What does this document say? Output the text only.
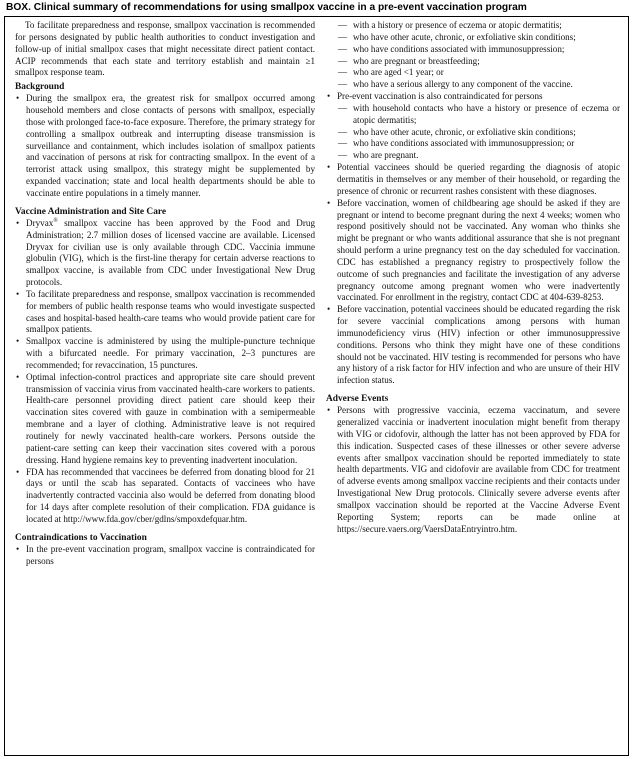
BOX. Clinical summary of recommendations for using smallpox vaccine in a pre-event vaccination program

To facilitate preparedness and response, smallpox vaccination is recommended for persons designated by public health authorities to conduct investigation and follow-up of initial smallpox cases that might necessitate direct patient contact. ACIP recommends that each state and territory establish and maintain ≥1 smallpox response team.

Background
• During the smallpox era, the greatest risk for smallpox occurred among household members and close contacts of persons with smallpox, especially those with prolonged face-to-face exposure. Therefore, the primary strategy for controlling a smallpox outbreak and interrupting disease transmission is surveillance and containment, which includes isolation of smallpox patients and vaccination of persons at risk for contracting smallpox. In the event of a terrorist attack using smallpox, this strategy might be supplemented by expanded vaccination; state and local health departments should be able to vaccinate entire populations in a timely manner.
Vaccine Administration and Site Care
• Dryvax® smallpox vaccine has been approved by the Food and Drug Administration; 2.7 million doses of licensed vaccine are available. Licensed Dryvax for civilian use is only available through CDC. Vaccinia immune globulin (VIG), which is the first-line therapy for certain adverse reactions to smallpox vaccine, is available from CDC under Investigational New Drug protocols.
• To facilitate preparedness and response, smallpox vaccination is recommended for members of public health response teams who would investigate suspected cases and hospital-based health-care teams who would provide patient care for smallpox patients.
• Smallpox vaccine is administered by using the multiple-puncture technique with a bifurcated needle. For primary vaccination, 2–3 punctures are recommended; for revaccination, 15 punctures.
• Optimal infection-control practices and appropriate site care should prevent transmission of vaccinia virus from vaccinated health-care workers to patients. Health-care personnel providing direct patient care should keep their vaccination sites covered with gauze in combination with a semipermeable membrane and a layer of clothing. Administrative leave is not required routinely for newly vaccinated health-care workers. Persons outside the patient-care setting can keep their vaccination sites covered with a porous dressing. Hand hygiene remains key to preventing inadvertent inoculation.
• FDA has recommended that vaccinees be deferred from donating blood for 21 days or until the scab has separated. Contacts of vaccinees who have inadvertently contracted vaccinia also would be deferred from donating blood for 14 days after complete resolution of their complication. FDA guidance is located at http://www.fda.gov/cber/gdlns/smpoxdefquar.htm.
Contraindications to Vaccination
• In the pre-event vaccination program, smallpox vaccine is contraindicated for persons
— with a history or presence of eczema or atopic dermatitis;
— who have other acute, chronic, or exfoliative skin conditions;
— who have conditions associated with immunosuppression;
— who are pregnant or breastfeeding;
— who are aged <1 year; or
— who have a serious allergy to any component of the vaccine.
• Pre-event vaccination is also contraindicated for persons
— with household contacts who have a history or presence of eczema or atopic dermatitis;
— who have other acute, chronic, or exfoliative skin conditions;
— who have conditions associated with immunosuppression; or
— who are pregnant.
• Potential vaccinees should be queried regarding the diagnosis of atopic dermatitis in themselves or any member of their household, or regarding the presence of chronic or recurrent rashes consistent with these diagnoses.
• Before vaccination, women of childbearing age should be asked if they are pregnant or intend to become pregnant during the next 4 weeks; women who respond positively should not be vaccinated. Any woman who thinks she might be pregnant or who wants additional assurance that she is not pregnant should perform a urine pregnancy test on the day scheduled for vaccination. CDC has established a pregnancy registry to prospectively follow the outcome of such pregnancies and facilitate the investigation of any adverse pregnancy outcome among pregnant women who were inadvertently vaccinated. For enrollment in the registry, contact CDC at 404-639-8253.
• Before vaccination, potential vaccinees should be educated regarding the risk for severe vaccinial complications among persons with human immunodeficiency virus (HIV) infection or other immunosuppressive conditions. Persons who think they might have one of these conditions should not be vaccinated. HIV testing is recommended for persons who have any history of a risk factor for HIV infection and who are unsure of their HIV infection status.
Adverse Events
• Persons with progressive vaccinia, eczema vaccinatum, and severe generalized vaccinia or inadvertent inoculation might benefit from therapy with VIG or cidofovir, although the latter has not been approved by FDA for this indication. Suspected cases of these illnesses or other severe adverse events after smallpox vaccination should be reported immediately to state health departments. VIG and cidofovir are available from CDC for treatment of adverse events among smallpox vaccine recipients and their contacts under Investigational New Drug protocols. Clinically severe adverse events after smallpox vaccination should be reported at the Vaccine Adverse Event Reporting System; reports can be made online at https://secure.vaers.org/VaersDataEntryintro.htm.
